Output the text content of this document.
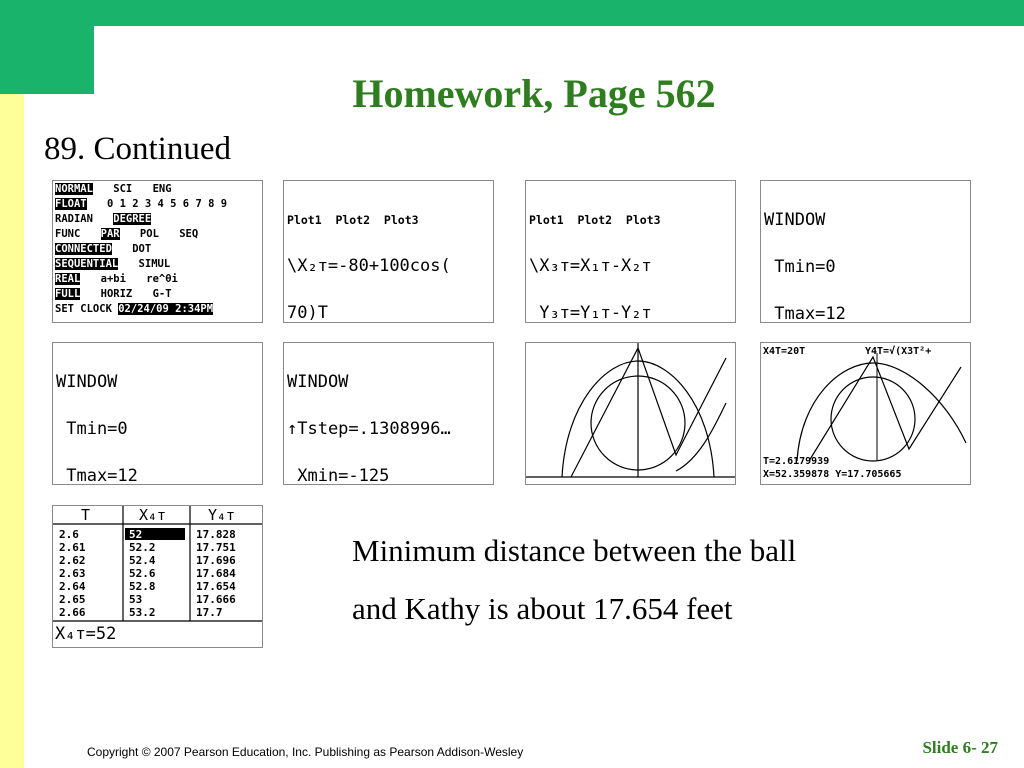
Homework, Page 562
89. Continued
NORMAL SCI ENG
FLOAT 0 1 2 3 4 5 6 7 8 9
RADIAN DEGREE
FUNC PAR POL SEQ
CONNECTED DOT
SEQUENTIAL SIMUL
REAL a+bi re^θi
FULL HORIZ G-T
SET CLOCK 02/24/09 2:34PM

Plot1  Plot2  Plot3

\X₂ᴛ=-80+100cos(

70)T

Plot1  Plot2  Plot3

\X₃ᴛ=X₁ᴛ-X₂ᴛ

Y₃ᴛ=Y₁ᴛ-Y₂ᴛ

WINDOW

Tmin=0

Tmax=12

WINDOW

Tmin=0

Tmax=12

WINDOW

↑Tstep=.1308996…

Xmin=-125

X4T=20T	Y4T=√(X3T²+
T=2.6179939
X=52.359878 Y=17.705665
T	X₄ᴛ	Y₄ᴛ
2.6	52	17.828
2.61	52.2	17.751
2.62	52.4	17.696
2.63	52.6	17.684
2.64	52.8	17.654
2.65	53	17.666
2.66	53.2	17.7
X₄ᴛ=52
Minimum distance between the ball
and Kathy is about 17.654 feet
Copyright © 2007 Pearson Education, Inc. Publishing as Pearson Addison-Wesley	Slide 6- 27
